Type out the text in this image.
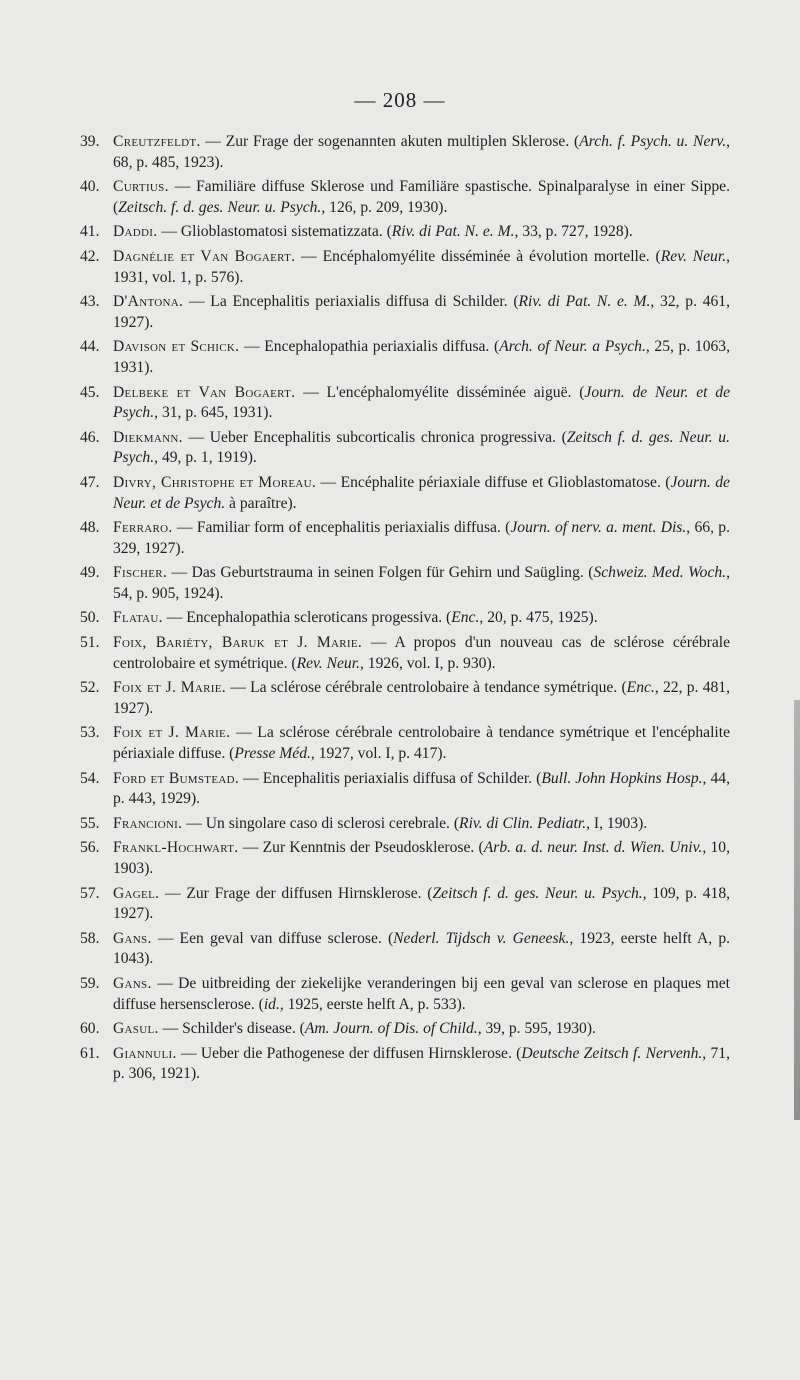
— 208 —
39. Creutzfeldt. — Zur Frage der sogenannten akuten multiplen Sklerose. (Arch. f. Psych. u. Nerv., 68, p. 485, 1923).
40. Curtius. — Familiäre diffuse Sklerose und Familiäre spastische. Spinalparalyse in einer Sippe. (Zeitsch. f. d. ges. Neur. u. Psych., 126, p. 209, 1930).
41. Daddi. — Glioblastomatosi sistematizzata. (Riv. di Pat. N. e. M., 33, p. 727, 1928).
42. Dagnélie et Van Bogaert. — Encéphalomyélite disséminée à évolution mortelle. (Rev. Neur., 1931, vol. 1, p. 576).
43. D'Antona. — La Encephalitis periaxialis diffusa di Schilder. (Riv. di Pat. N. e. M., 32, p. 461, 1927).
44. Davison et Schick. — Encephalopathia periaxialis diffusa. (Arch. of Neur. a Psych., 25, p. 1063, 1931).
45. Delbeke et Van Bogaert. — L'encéphalomyélite disséminée aiguë. (Journ. de Neur. et de Psych., 31, p. 645, 1931).
46. Diekmann. — Ueber Encephalitis subcorticalis chronica progressiva. (Zeitsch f. d. ges. Neur. u. Psych., 49, p. 1, 1919).
47. Divry, Christophe et Moreau. — Encéphalite périaxiale diffuse et Glioblastomatose. (Journ. de Neur. et de Psych. à paraître).
48. Ferraro. — Familiar form of encephalitis periaxialis diffusa. (Journ. of nerv. a. ment. Dis., 66, p. 329, 1927).
49. Fischer. — Das Geburtstrauma in seinen Folgen für Gehirn und Saügling. (Schweiz. Med. Woch., 54, p. 905, 1924).
50. Flatau. — Encephalopathia scleroticans progessiva. (Enc., 20, p. 475, 1925).
51. Foix, Bariéty, Baruk et J. Marie. — A propos d'un nouveau cas de sclérose cérébrale centrolobaire et symétrique. (Rev. Neur., 1926, vol. I, p. 930).
52. Foix et J. Marie. — La sclérose cérébrale centrolobaire à tendance symétrique. (Enc., 22, p. 481, 1927).
53. Foix et J. Marie. — La sclérose cérébrale centrolobaire à tendance symétrique et l'encéphalite périaxiale diffuse. (Presse Méd., 1927, vol. I, p. 417).
54. Ford et Bumstead. — Encephalitis periaxialis diffusa of Schilder. (Bull. John Hopkins Hosp., 44, p. 443, 1929).
55. Francioni. — Un singolare caso di sclerosi cerebrale. (Riv. di Clin. Pediatr., I, 1903).
56. Frankl-Hochwart. — Zur Kenntnis der Pseudosklerose. (Arb. a. d. neur. Inst. d. Wien. Univ., 10, 1903).
57. Gagel. — Zur Frage der diffusen Hirnsklerose. (Zeitsch f. d. ges. Neur. u. Psych., 109, p. 418, 1927).
58. Gans. — Een geval van diffuse sclerose. (Nederl. Tijdsch v. Geneesk., 1923, eerste helft A, p. 1043).
59. Gans. — De uitbreiding der ziekelijke veranderingen bij een geval van sclerose en plaques met diffuse hersensclerose. (id., 1925, eerste helft A, p. 533).
60. Gasul. — Schilder's disease. (Am. Journ. of Dis. of Child., 39, p. 595, 1930).
61. Giannuli. — Ueber die Pathogenese der diffusen Hirnsklerose. (Deutsche Zeitsch f. Nervenh., 71, p. 306, 1921).
